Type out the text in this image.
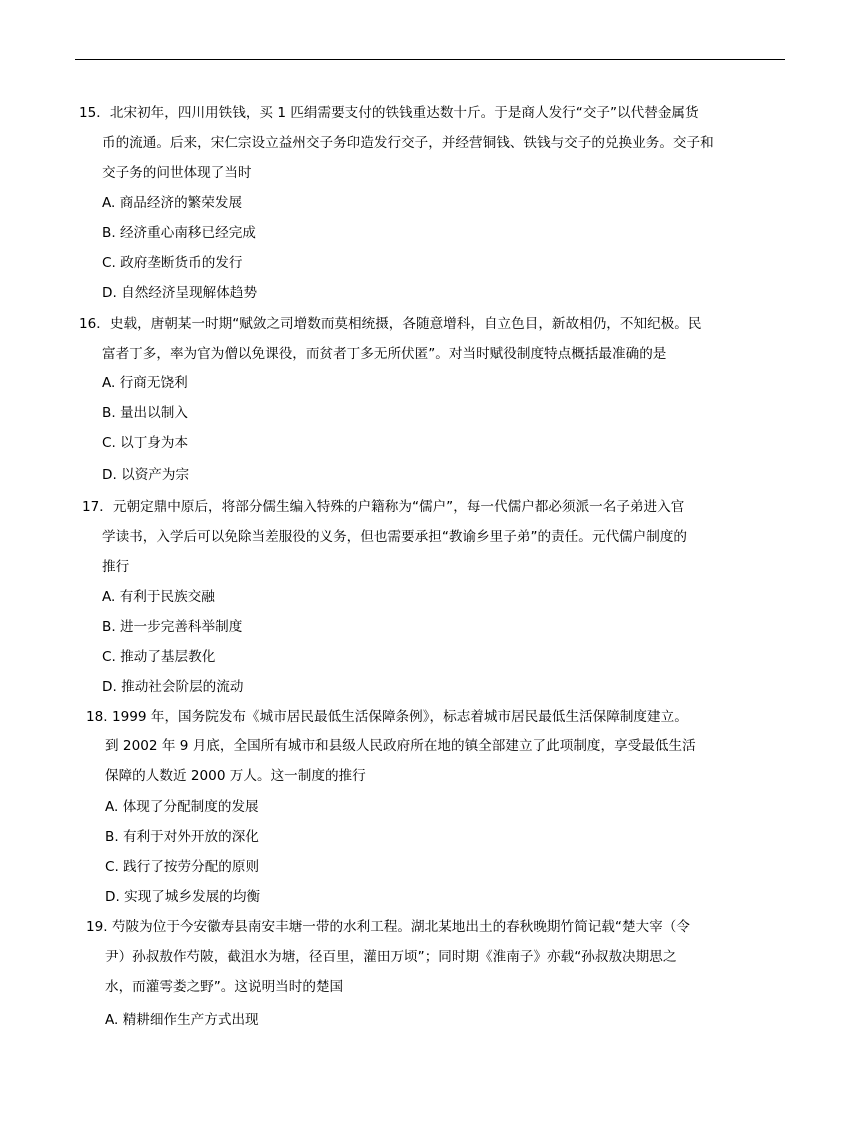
15．北宋初年，四川用铁钱，买 1 匹绢需要支付的铁钱重达数十斤。于是商人发行“交子”以代替金属货
币的流通。后来，宋仁宗设立益州交子务印造发行交子，并经营铜钱、铁钱与交子的兑换业务。交子和
交子务的问世体现了当时
A. 商品经济的繁荣发展
B. 经济重心南移已经完成
C. 政府垄断货币的发行
D. 自然经济呈现解体趋势
16．史载，唐朝某一时期“赋敛之司增数而莫相统摄，各随意增科，自立色目，新故相仍，不知纪极。民
富者丁多，率为官为僧以免课役，而贫者丁多无所伏匿”。对当时赋役制度特点概括最准确的是
A. 行商无饶利
B. 量出以制入
C. 以丁身为本
D. 以资产为宗
17．元朝定鼎中原后，将部分儒生编入特殊的户籍称为“儒户”，每一代儒户都必须派一名子弟进入官
学读书，入学后可以免除当差服役的义务，但也需要承担“教谕乡里子弟”的责任。元代儒户制度的
推行
A. 有利于民族交融
B. 进一步完善科举制度
C. 推动了基层教化
D. 推动社会阶层的流动
18. 1999 年，国务院发布《城市居民最低生活保障条例》，标志着城市居民最低生活保障制度建立。
到 2002 年 9 月底，全国所有城市和县级人民政府所在地的镇全部建立了此项制度，享受最低生活
保障的人数近 2000 万人。这一制度的推行
A. 体现了分配制度的发展
B. 有利于对外开放的深化
C. 践行了按劳分配的原则
D. 实现了城乡发展的均衡
19. 芍陂为位于今安徽寿县南安丰塘一带的水利工程。湖北某地出土的春秋晚期竹简记载“楚大宰（令
尹）孙叔敖作芍陂，截沮水为塘，径百里，灌田万顷”；同时期《淮南子》亦载“孙叔敖决期思之
水，而灌雩娄之野”。这说明当时的楚国
A. 精耕细作生产方式出现
